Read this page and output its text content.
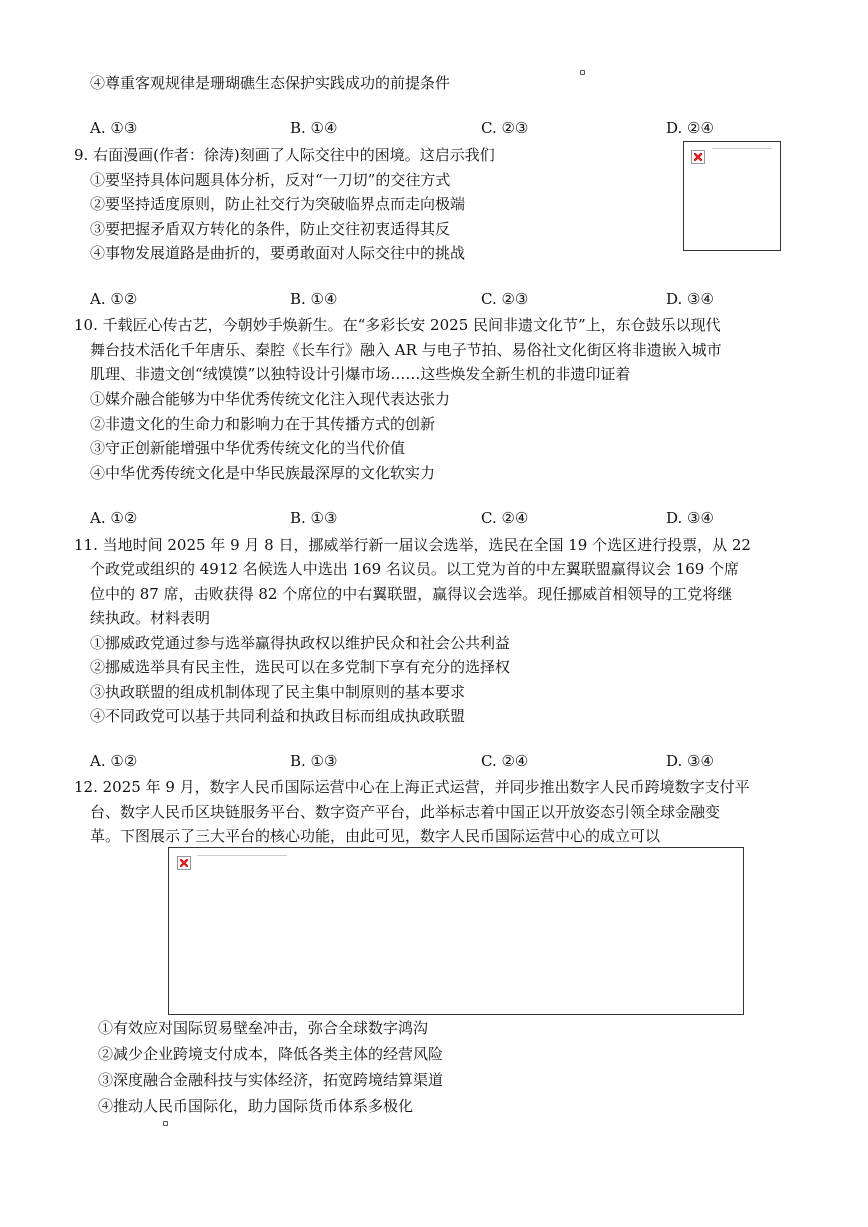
④尊重客观规律是珊瑚礁生态保护实践成功的前提条件
A. ①③	B. ①④	C. ②③	D. ②④
9. 右面漫画(作者：徐涛)刻画了人际交往中的困境。这启示我们
①要坚持具体问题具体分析，反对“一刀切”的交往方式
②要坚持适度原则，防止社交行为突破临界点而走向极端
③要把握矛盾双方转化的条件，防止交往初衷适得其反
④事物发展道路是曲折的，要勇敢面对人际交往中的挑战
A. ①②	B. ①④	C. ②③	D. ③④
10. 千载匠心传古艺，今朝妙手焕新生。在“多彩长安 2025 民间非遗文化节”上，东仓鼓乐以现代
舞台技术活化千年唐乐、秦腔《长车行》融入 AR 与电子节拍、易俗社文化街区将非遗嵌入城市
肌理、非遗文创“绒馍馍”以独特设计引爆市场……这些焕发全新生机的非遗印证着
①媒介融合能够为中华优秀传统文化注入现代表达张力
②非遗文化的生命力和影响力在于其传播方式的创新
③守正创新能增强中华优秀传统文化的当代价值
④中华优秀传统文化是中华民族最深厚的文化软实力
A. ①②	B. ①③	C. ②④	D. ③④
11. 当地时间 2025 年 9 月 8 日，挪威举行新一届议会选举，选民在全国 19 个选区进行投票，从 22
个政党或组织的 4912 名候选人中选出 169 名议员。以工党为首的中左翼联盟赢得议会 169 个席
位中的 87 席，击败获得 82 个席位的中右翼联盟，赢得议会选举。现任挪威首相领导的工党将继
续执政。材料表明
①挪威政党通过参与选举赢得执政权以维护民众和社会公共利益
②挪威选举具有民主性，选民可以在多党制下享有充分的选择权
③执政联盟的组成机制体现了民主集中制原则的基本要求
④不同政党可以基于共同利益和执政目标而组成执政联盟
A. ①②	B. ①③	C. ②④	D. ③④
12. 2025 年 9 月，数字人民币国际运营中心在上海正式运营，并同步推出数字人民币跨境数字支付平
台、数字人民币区块链服务平台、数字资产平台，此举标志着中国正以开放姿态引领全球金融变
革。下图展示了三大平台的核心功能，由此可见，数字人民币国际运营中心的成立可以
①有效应对国际贸易壁垒冲击，弥合全球数字鸿沟
②减少企业跨境支付成本，降低各类主体的经营风险
③深度融合金融科技与实体经济，拓宽跨境结算渠道
④推动人民币国际化，助力国际货币体系多极化
